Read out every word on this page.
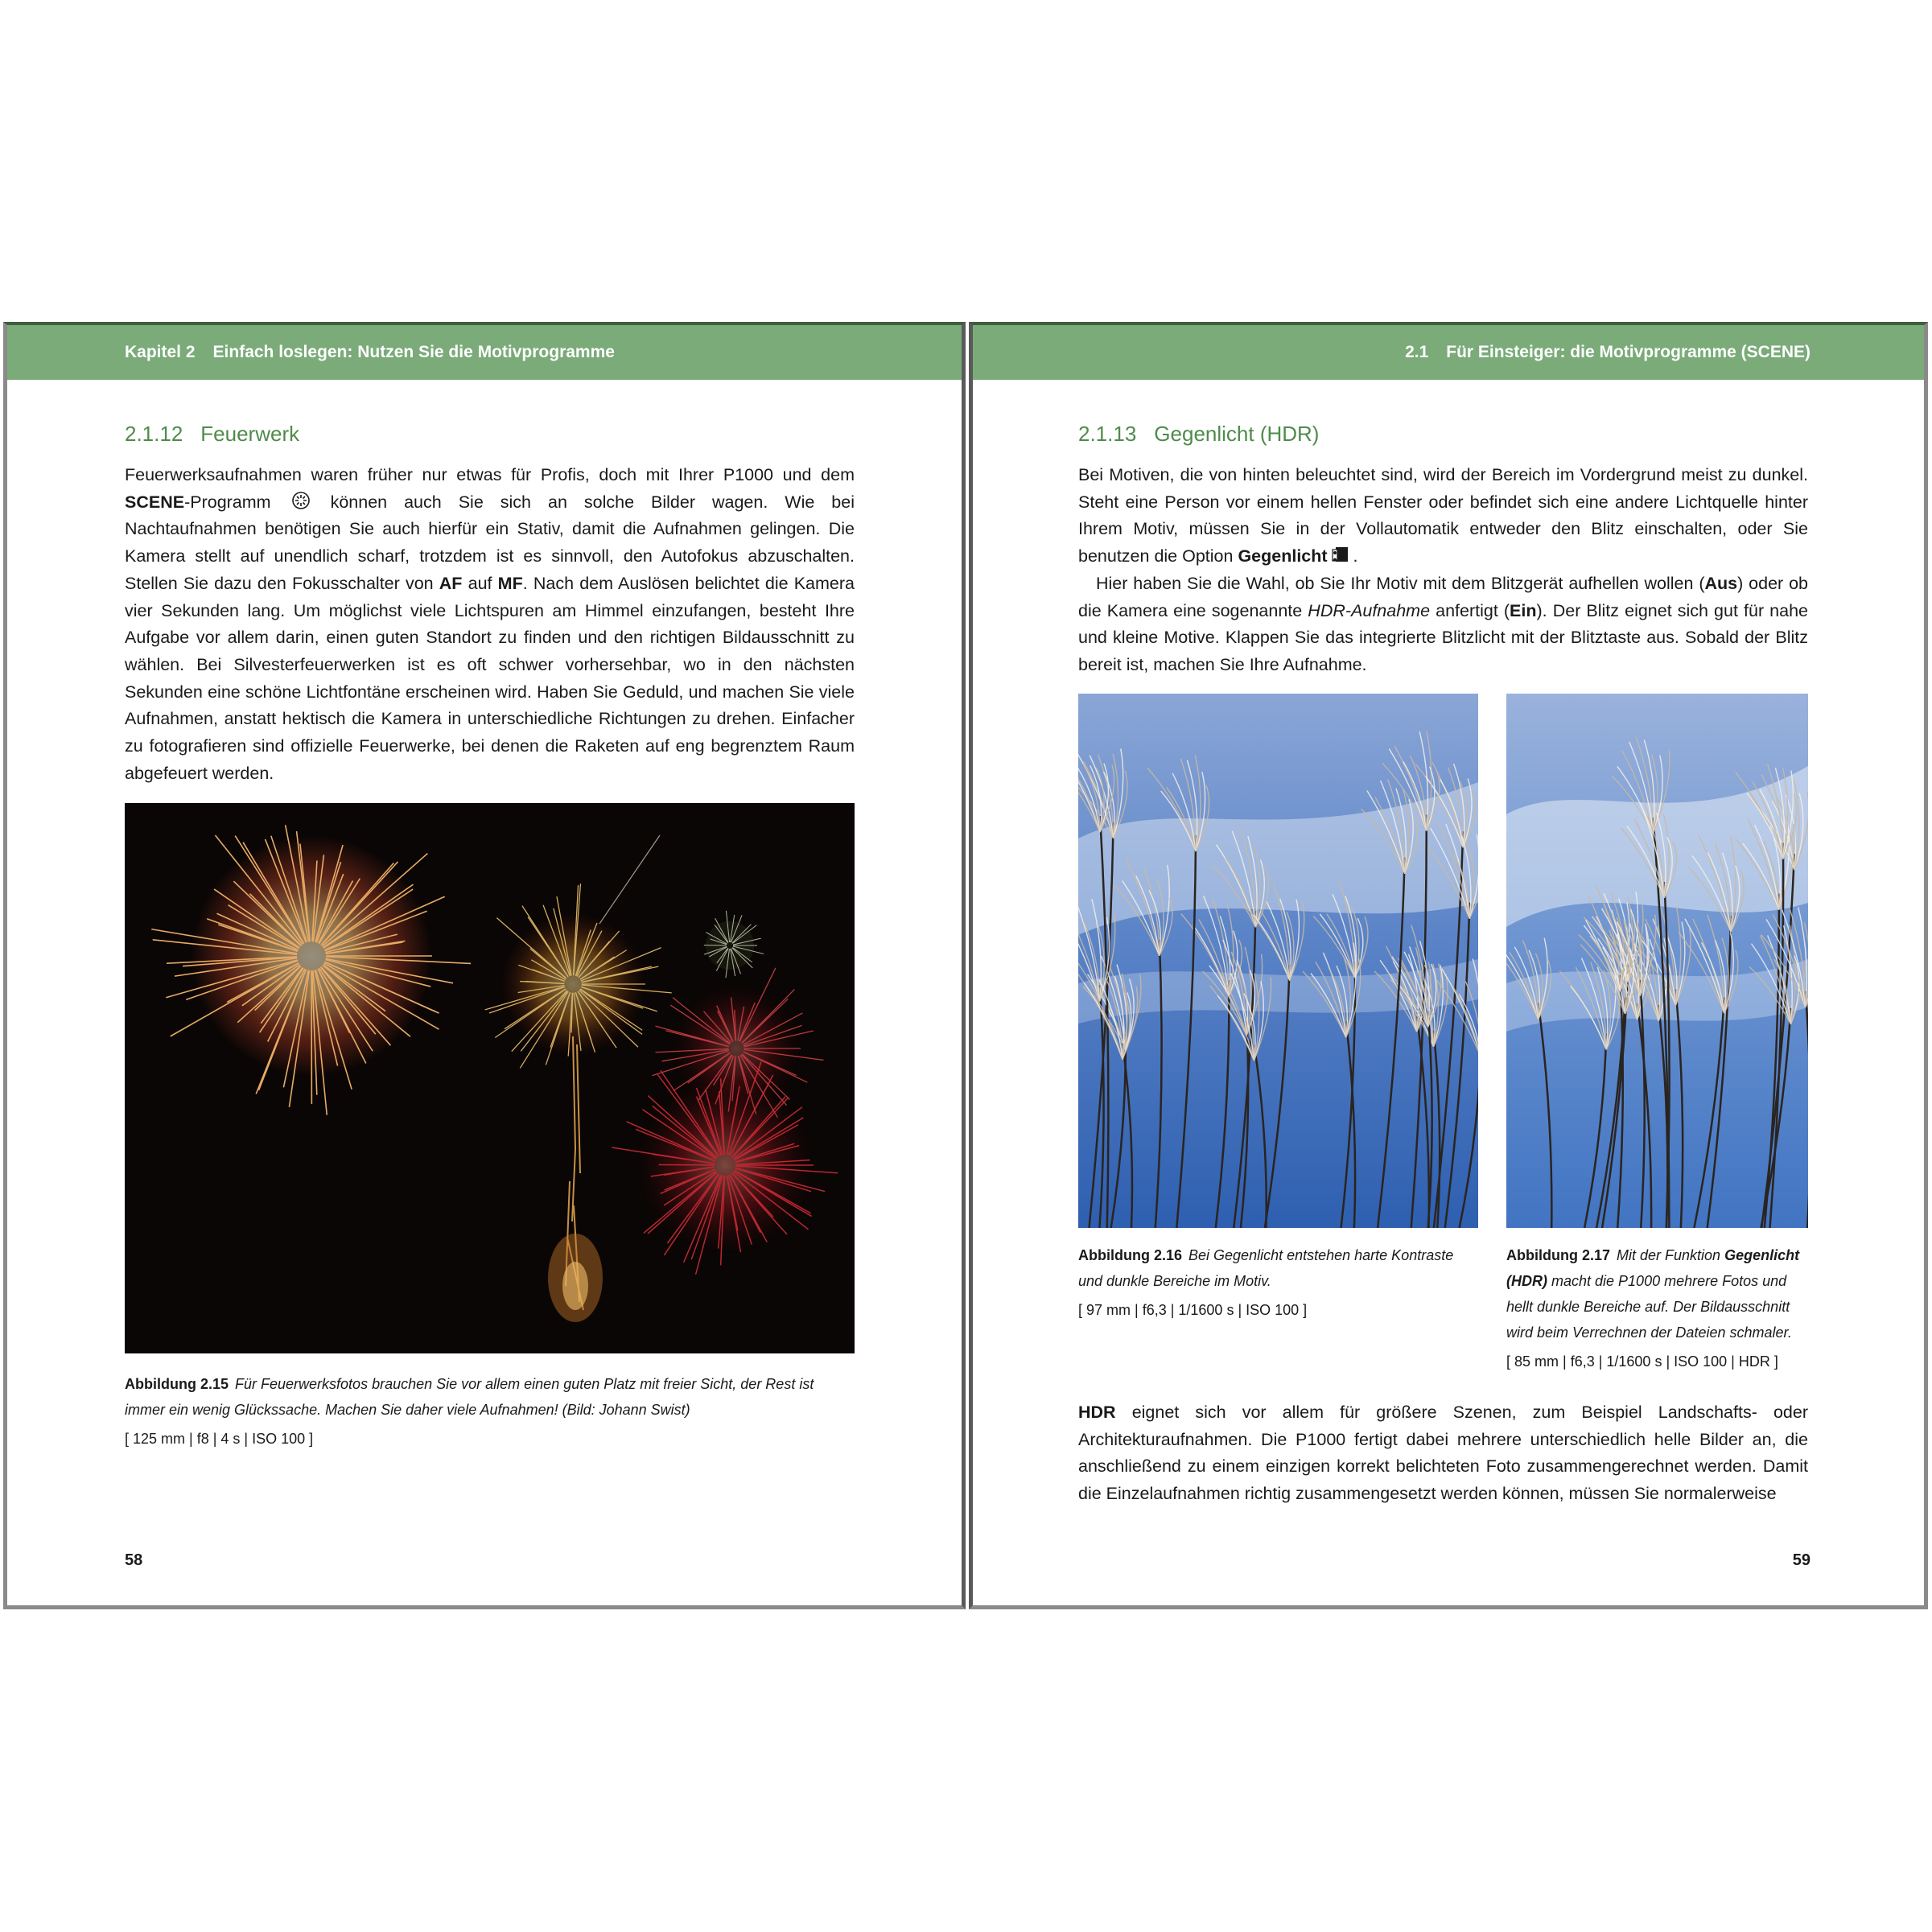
Kapitel 2 Einfach loslegen: Nutzen Sie die Motivprogramme
2.1.12 Feuerwerk

Feuerwerksaufnahmen waren früher nur etwas für Profis, doch mit Ihrer P1000 und dem SCENE-Programm  können auch Sie sich an solche Bilder wagen. Wie bei Nachtaufnahmen benötigen Sie auch hierfür ein Stativ, damit die Aufnahmen gelingen. Die Kamera stellt auf unendlich scharf, trotzdem ist es sinnvoll, den Autofokus abzuschalten. Stellen Sie dazu den Fokusschalter von AF auf MF. Nach dem Auslösen belichtet die Kamera vier Sekunden lang. Um möglichst viele Lichtspuren am Himmel einzufangen, besteht Ihre Aufgabe vor allem darin, einen guten Standort zu finden und den richtigen Bildausschnitt zu wählen. Bei Silvesterfeuerwerken ist es oft schwer vorhersehbar, wo in den nächsten Sekunden eine schöne Lichtfontäne erscheinen wird. Haben Sie Geduld, und machen Sie viele Aufnahmen, anstatt hektisch die Kamera in unterschiedliche Richtungen zu drehen. Einfacher zu fotografieren sind offizielle Feuerwerke, bei denen die Raketen auf eng begrenztem Raum abgefeuert werden.

Abbildung 2.15 Für Feuerwerksfotos brauchen Sie vor allem einen guten Platz mit freier Sicht, der Rest ist immer ein wenig Glückssache. Machen Sie daher viele Aufnahmen! (Bild: Johann Swist)
[ 125 mm | f8 | 4 s | ISO 100 ]
58
2.1 Für Einsteiger: die Motivprogramme (SCENE)
2.1.13 Gegenlicht (HDR)

Bei Motiven, die von hinten beleuchtet sind, wird der Bereich im Vordergrund meist zu dunkel. Steht eine Person vor einem hellen Fenster oder befindet sich eine andere Lichtquelle hinter Ihrem Motiv, müssen Sie in der Vollautomatik entweder den Blitz einschalten, oder Sie benutzen die Option Gegenlicht .

Hier haben Sie die Wahl, ob Sie Ihr Motiv mit dem Blitzgerät aufhellen wollen (Aus) oder ob die Kamera eine sogenannte HDR-Aufnahme anfertigt (Ein). Der Blitz eignet sich gut für nahe und kleine Motive. Klappen Sie das integrierte Blitzlicht mit der Blitztaste aus. Sobald der Blitz bereit ist, machen Sie Ihre Aufnahme.

Abbildung 2.16 Bei Gegenlicht entstehen harte Kontraste und dunkle Bereiche im Motiv.
[ 97 mm | f6,3 | 1/1600 s | ISO 100 ]
Abbildung 2.17 Mit der Funktion Gegenlicht (HDR) macht die P1000 mehrere Fotos und hellt dunkle Bereiche auf. Der Bildausschnitt wird beim Verrechnen der Dateien schmaler.
[ 85 mm | f6,3 | 1/1600 s | ISO 100 | HDR ]

HDR eignet sich vor allem für größere Szenen, zum Beispiel Landschafts- oder Architekturaufnahmen. Die P1000 fertigt dabei mehrere unterschiedlich helle Bilder an, die anschließend zu einem einzigen korrekt belichteten Foto zusammengerechnet werden. Damit die Einzelaufnahmen richtig zusammengesetzt werden können, müssen Sie normalerweise

59
